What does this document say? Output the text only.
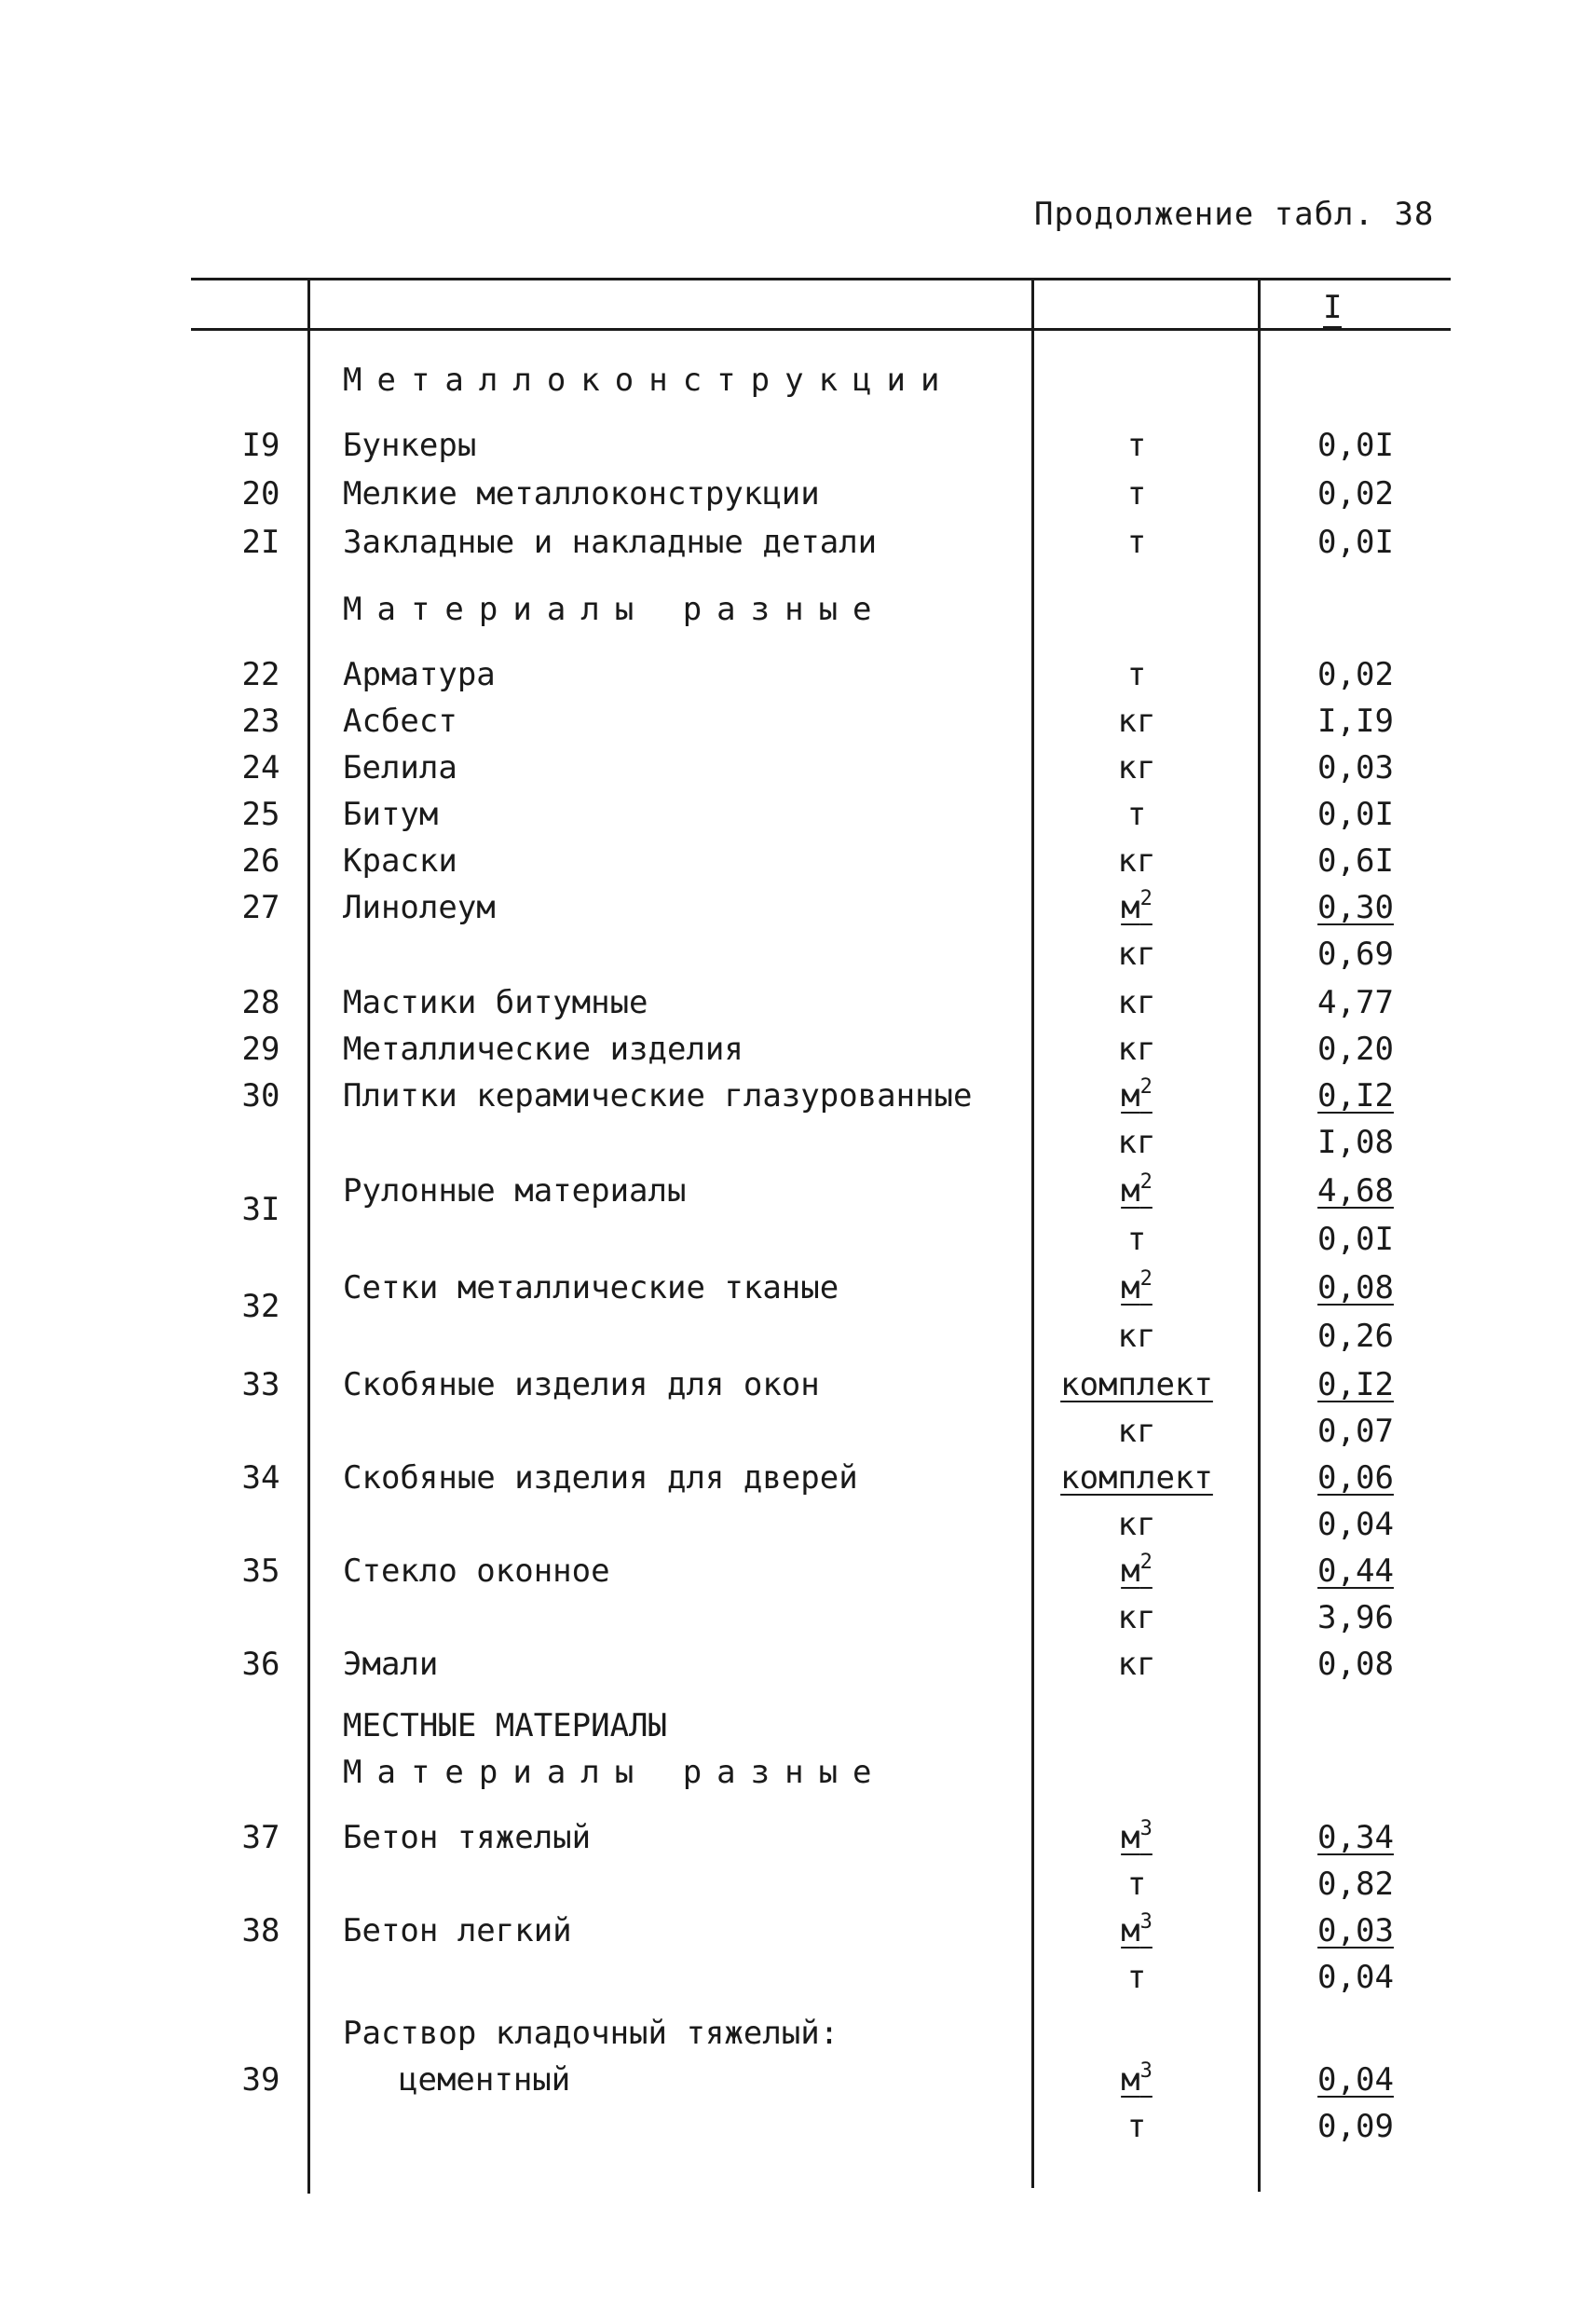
Продолжение табл. 38
I
Металлоконструкции
I9	Бункеры	т	0,0I
20	Мелкие металлоконструкции	т	0,02
2I	Закладные и накладные детали	т	0,0I
Материалы разные
22	Арматура	т	0,02
23	Асбест	кг	I,I9
24	Белила	кг	0,03
25	Битум	т	0,0I
26	Краски	кг	0,6I
27	Линолеум	$м^2$	0,30
кг	0,69
28	Мастики битумные	кг	4,77
29	Металлические изделия	кг	0,20
30	Плитки керамические глазурованные	$м^2$	0,I2
кг	I,08
3I	Рулонные материалы	$м^2$	4,68
т	0,0I
32	Сетки металлические тканые	$м^2$	0,08
кг	0,26
33	Скобяные изделия для окон	комплект	0,I2
кг	0,07
34	Скобяные изделия для дверей	комплект	0,06
кг	0,04
35	Стекло оконное	$м^2$	0,44
кг	3,96
36	Эмали	кг	0,08
МЕСТНЫЕ МАТЕРИАЛЫ
Материалы разные
37	Бетон тяжелый	$м^3$	0,34
т	0,82
38	Бетон легкий	$м^3$	0,03
т	0,04
Раствор кладочный тяжелый:
39	цементный	$м^3$	0,04
т	0,09
